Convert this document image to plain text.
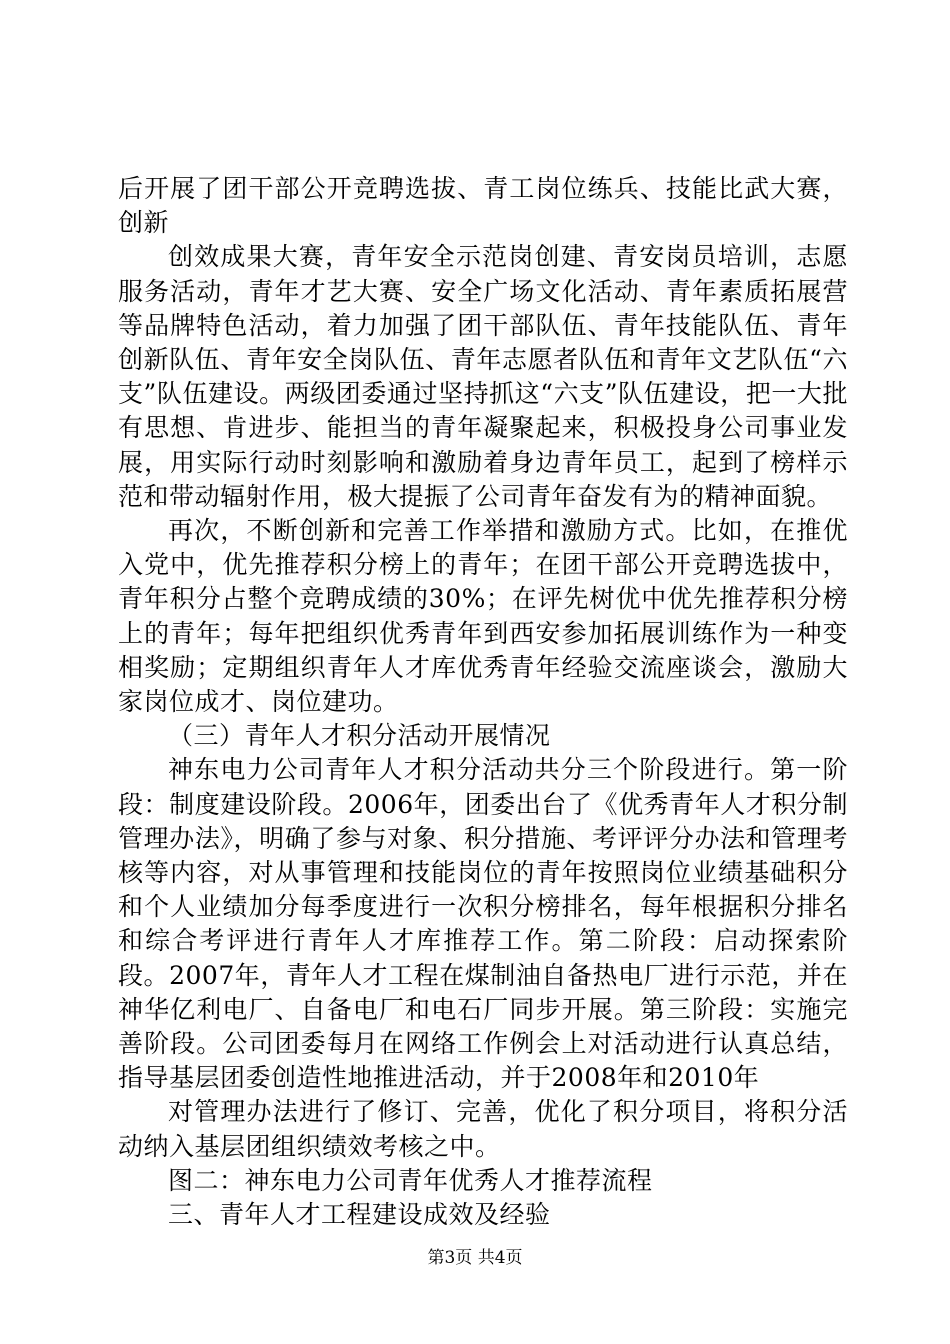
后开展了团干部公开竞聘选拔、青工岗位练兵、技能比武大赛，创新

创效成果大赛，青年安全示范岗创建、青安岗员培训，志愿服务活动，青年才艺大赛、安全广场文化活动、青年素质拓展营等品牌特色活动，着力加强了团干部队伍、青年技能队伍、青年创新队伍、青年安全岗队伍、青年志愿者队伍和青年文艺队伍“六支”队伍建设。两级团委通过坚持抓这“六支”队伍建设，把一大批有思想、肯进步、能担当的青年凝聚起来，积极投身公司事业发展，用实际行动时刻影响和激励着身边青年员工，起到了榜样示范和带动辐射作用，极大提振了公司青年奋发有为的精神面貌。

再次，不断创新和完善工作举措和激励方式。比如，在推优入党中，优先推荐积分榜上的青年；在团干部公开竞聘选拔中，青年积分占整个竞聘成绩的30%；在评先树优中优先推荐积分榜上的青年；每年把组织优秀青年到西安参加拓展训练作为一种变相奖励；定期组织青年人才库优秀青年经验交流座谈会，激励大家岗位成才、岗位建功。

（三）青年人才积分活动开展情况

神东电力公司青年人才积分活动共分三个阶段进行。第一阶段：制度建设阶段。2006年，团委出台了《优秀青年人才积分制管理办法》，明确了参与对象、积分措施、考评评分办法和管理考核等内容，对从事管理和技能岗位的青年按照岗位业绩基础积分和个人业绩加分每季度进行一次积分榜排名，每年根据积分排名和综合考评进行青年人才库推荐工作。第二阶段：启动探索阶段。2007年，青年人才工程在煤制油自备热电厂进行示范，并在神华亿利电厂、自备电厂和电石厂同步开展。第三阶段：实施完善阶段。公司团委每月在网络工作例会上对活动进行认真总结，指导基层团委创造性地推进活动，并于2008年和2010年

对管理办法进行了修订、完善，优化了积分项目，将积分活动纳入基层团组织绩效考核之中。

图二：神东电力公司青年优秀人才推荐流程

三、青年人才工程建设成效及经验

第3页 共4页
